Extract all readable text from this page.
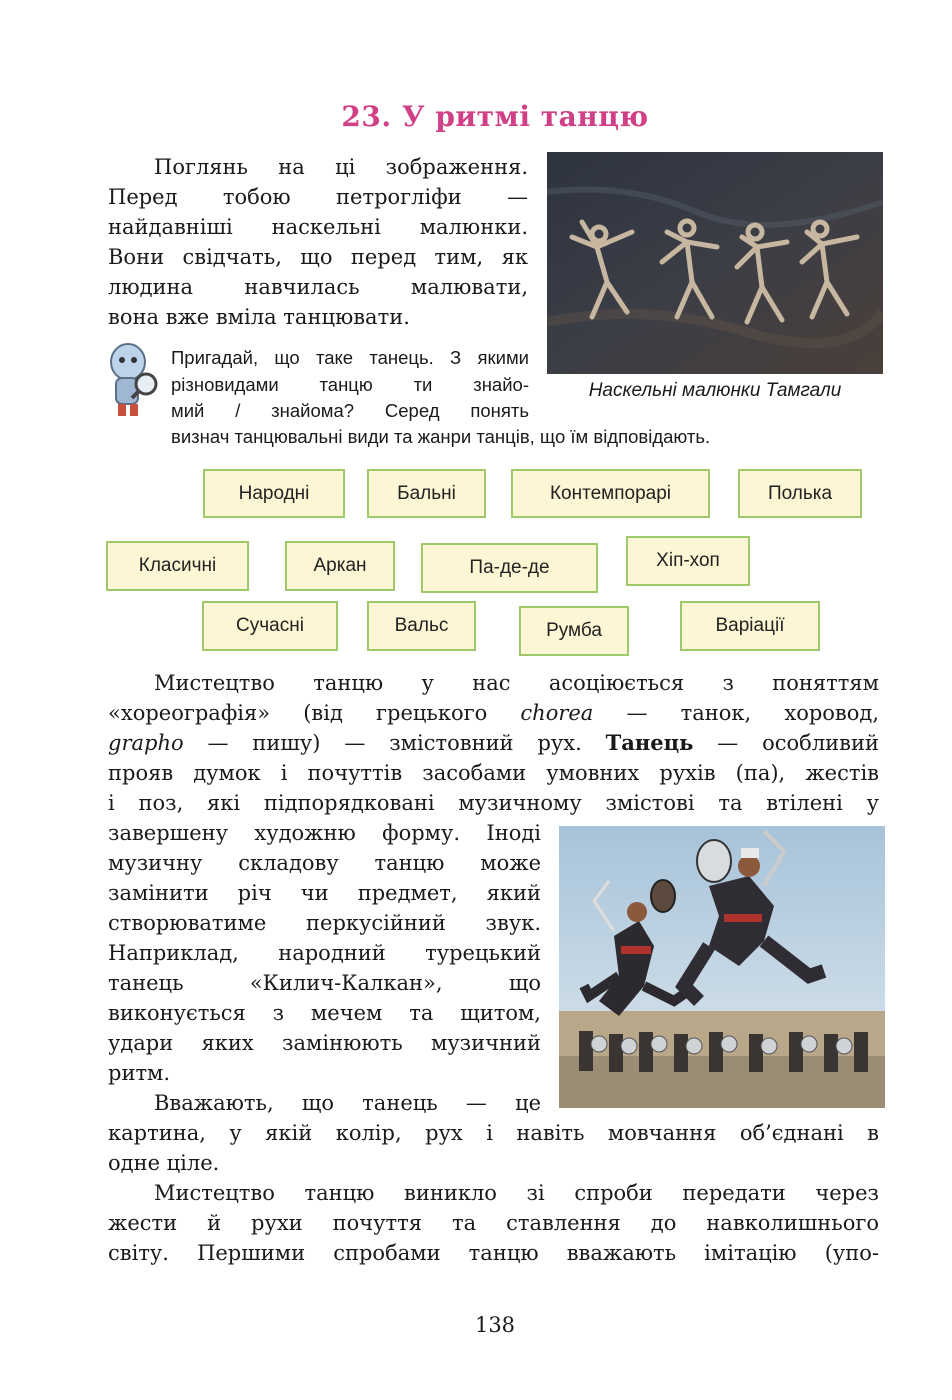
23. У ритмі танцю

Поглянь на ці зображення.

Перед тобою петрогліфи —

найдавніші наскельні малюнки.

Вони свідчать, що перед тим, як

людина навчилась малювати,

вона вже вміла танцювати.

Наскельні малюнки Тамгали
Пригадай, що таке танець. З якими
різновидами танцю ти знайо-
мий / знайома? Серед понять
визнач танцювальні види та жанри танців, що їм відповідають.
Народні	Бальні	Контемпорарі	Полька
Класичні	Аркан	Па-де-де	Хіп-хоп
Сучасні	Вальс	Румба	Варіації

Мистецтво танцю у нас асоціюється з поняттям

«хореографія» (від грецького chorea — танок, хоровод,

grapho — пишу) — змістовний рух. Танець — особливий

прояв думок і почуттів засобами умовних рухів (па), жестів

і поз, які підпорядковані музичному змістові та втілені у

завершену художню форму. Іноді

музичну складову танцю може

замінити річ чи предмет, який

створюватиме перкусійний звук.

Наприклад, народний турецький

танець «Килич-Калкан», що

виконується з мечем та щитом,

удари яких замінюють музичний

ритм.

Вважають, що танець — це

картина, у якій колір, рух і навіть мовчання об’єднані в

одне ціле.

Мистецтво танцю виникло зі спроби передати через

жести й рухи почуття та ставлення до навколишнього

світу. Першими спробами танцю вважають імітацію (упо-

138
